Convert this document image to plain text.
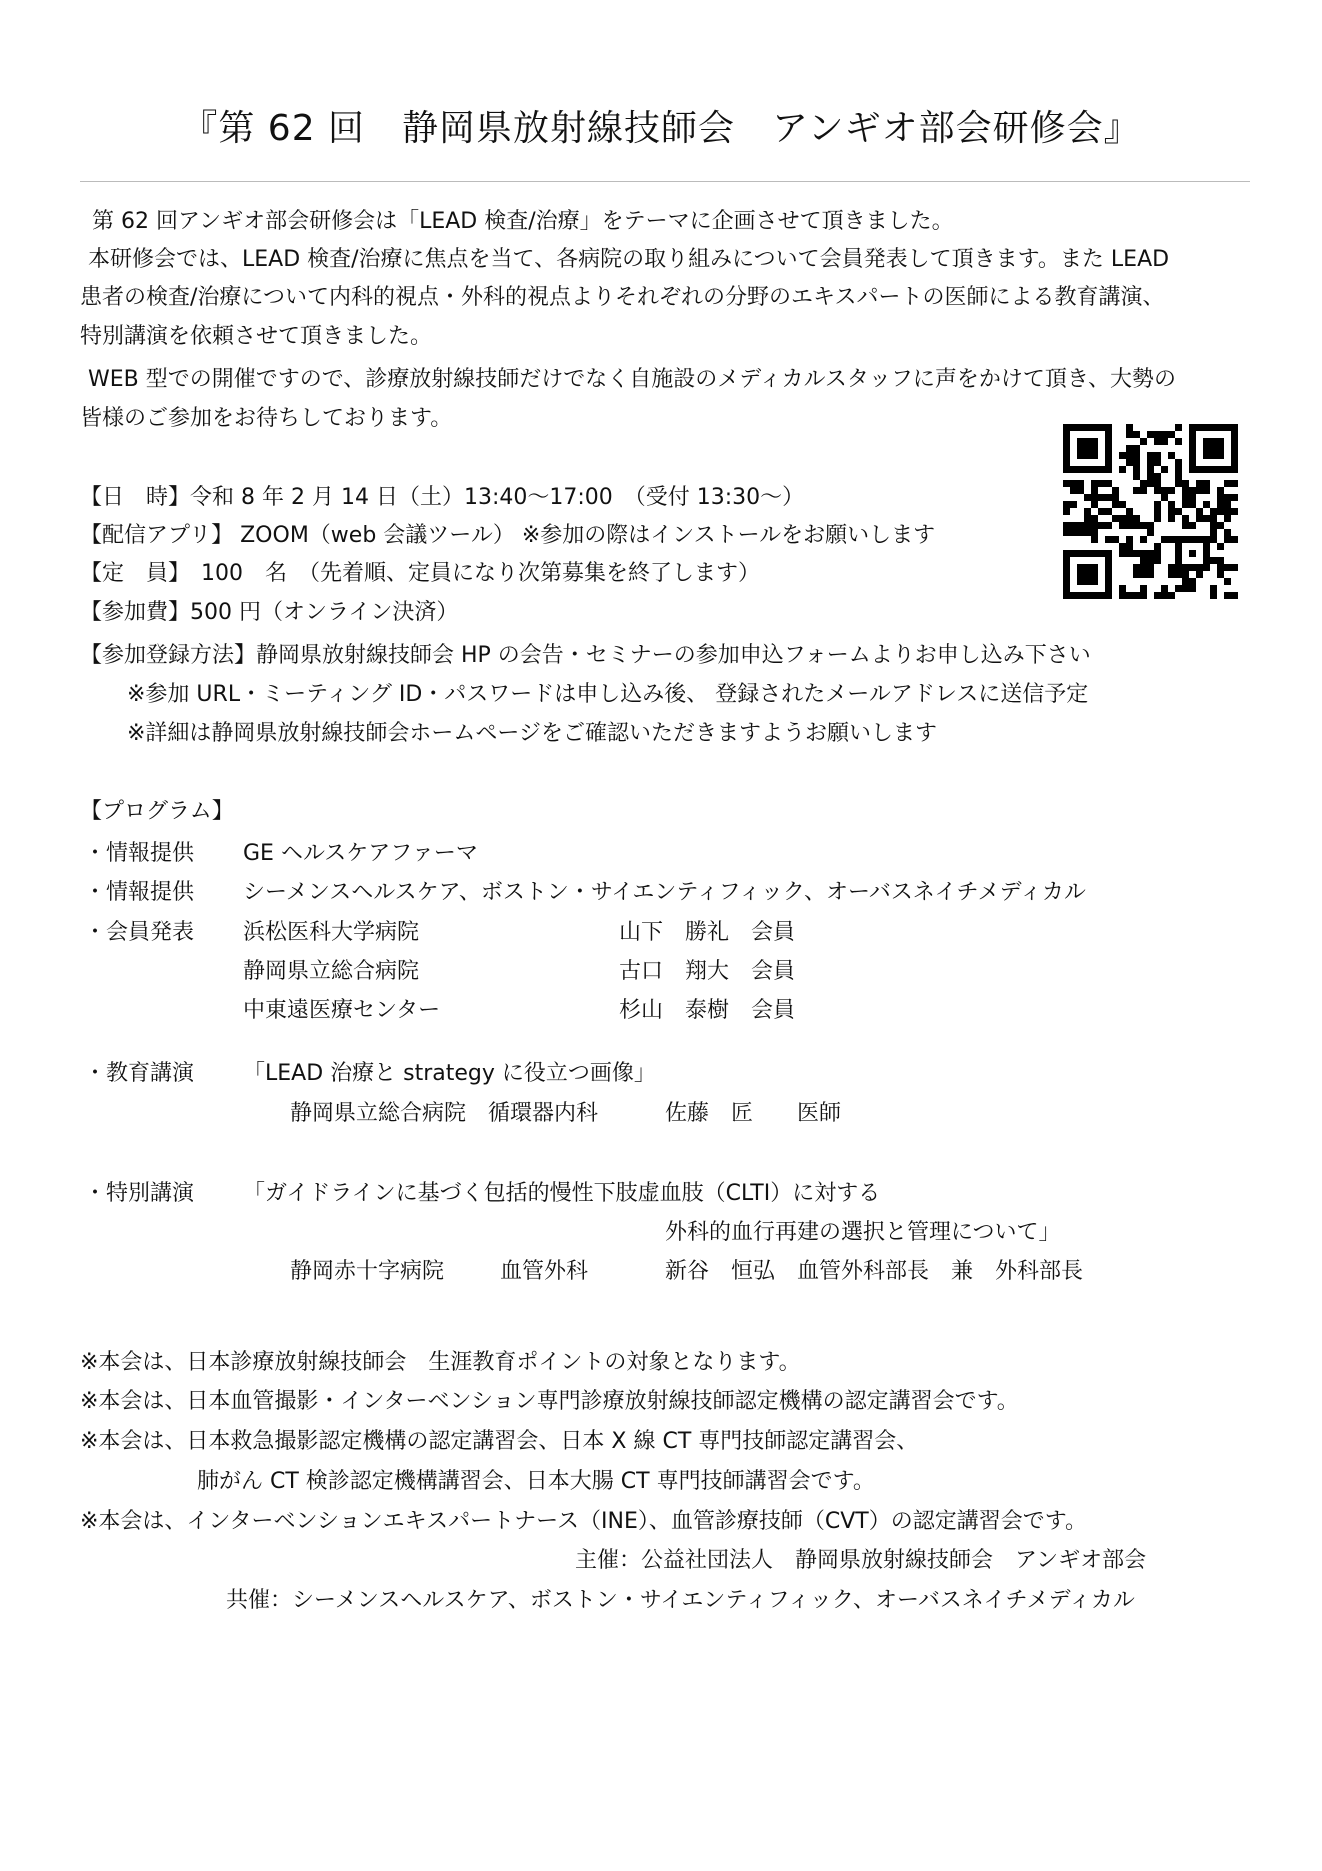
『第 62 回　静岡県放射線技師会　アンギオ部会研修会』
第 62 回アンギオ部会研修会は「LEAD 検査/治療」をテーマに企画させて頂きました。
本研修会では、LEAD 検査/治療に焦点を当て、各病院の取り組みについて会員発表して頂きます。また LEAD
患者の検査/治療について内科的視点・外科的視点よりそれぞれの分野のエキスパートの医師による教育講演、
特別講演を依頼させて頂きました。
WEB 型での開催ですので、診療放射線技師だけでなく自施設のメディカルスタッフに声をかけて頂き、大勢の
皆様のご参加をお待ちしております。
【日　時】令和 8 年 2 月 14 日（土）13:40～17:00　（受付 13:30～）
【配信アプリ】 ZOOM（web 会議ツール） ※参加の際はインストールをお願いします
【定　員】　100　名　（先着順、定員になり次第募集を終了します）
【参加費】500 円（オンライン決済）
【参加登録方法】静岡県放射線技師会 HP の会告・セミナーの参加申込フォームよりお申し込み下さい
※参加 URL・ミーティング ID・パスワードは申し込み後、 登録されたメールアドレスに送信予定
※詳細は静岡県放射線技師会ホームページをご確認いただきますようお願いします
【プログラム】
・情報提供 GE ヘルスケアファーマ
・情報提供 シーメンスヘルスケア、ボストン・サイエンティフィック、オーバスネイチメディカル
・会員発表 浜松医科大学病院	山下　勝礼　会員
静岡県立総合病院	古口　翔大　会員
中東遠医療センター	杉山　泰樹　会員
・教育講演 「LEAD 治療と strategy に役立つ画像」
静岡県立総合病院　循環器内科	佐藤　匠　　医師
・特別講演 「ガイドラインに基づく包括的慢性下肢虚血肢（CLTI）に対する
外科的血行再建の選択と管理について」
静岡赤十字病院	血管外科	新谷　恒弘　血管外科部長　兼　外科部長
※本会は、日本診療放射線技師会　生涯教育ポイントの対象となります。
※本会は、日本血管撮影・インターベンション専門診療放射線技師認定機構の認定講習会です。
※本会は、日本救急撮影認定機構の認定講習会、日本 X 線 CT 専門技師認定講習会、
肺がん CT 検診認定機構講習会、日本大腸 CT 専門技師講習会です。
※本会は、インターベンションエキスパートナース（INE）、血管診療技師（CVT）の認定講習会です。
主催：公益社団法人　静岡県放射線技師会　アンギオ部会
共催：シーメンスヘルスケア、ボストン・サイエンティフィック、オーバスネイチメディカル
